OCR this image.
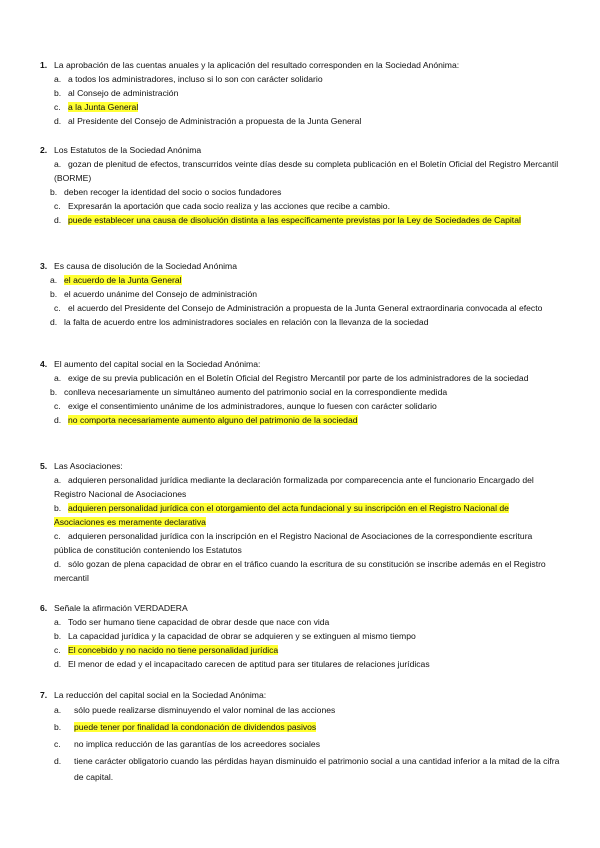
1. La aprobación de las cuentas anuales y la aplicación del resultado corresponden en la Sociedad Anónima:
a. a todos los administradores, incluso si lo son con carácter solidario
b. al Consejo de administración
c. a la Junta General
d. al Presidente del Consejo de Administración a propuesta de la Junta General
2. Los Estatutos de la Sociedad Anónima
a. gozan de plenitud de efectos, transcurridos veinte días desde su completa publicación en el Boletín Oficial del Registro Mercantil (BORME)
b. deben recoger la identidad del socio o socios fundadores
c. Expresarán la aportación que cada socio realiza y las acciones que recibe a cambio.
d. puede establecer una causa de disolución distinta a las específicamente previstas por la Ley de Sociedades de Capital
3. Es causa de disolución de la Sociedad Anónima
a. el acuerdo de la Junta General
b. el acuerdo unánime del Consejo de administración
c. el acuerdo del Presidente del Consejo de Administración a propuesta de la Junta General extraordinaria convocada al efecto
d. la falta de acuerdo entre los administradores sociales en relación con la llevanza de la sociedad
4. El aumento del capital social en la Sociedad Anónima:
a. exige de su previa publicación en el Boletín Oficial del Registro Mercantil por parte de los administradores de la sociedad
b. conlleva necesariamente un simultáneo aumento del patrimonio social en la correspondiente medida
c. exige el consentimiento unánime de los administradores, aunque lo fuesen con carácter solidario
d. no comporta necesariamente aumento alguno del patrimonio de la sociedad
5. Las Asociaciones:
a. adquieren personalidad jurídica mediante la declaración formalizada por comparecencia ante el funcionario Encargado del Registro Nacional de Asociaciones
b. adquieren personalidad jurídica con el otorgamiento del acta fundacional y su inscripción en el Registro Nacional de Asociaciones es meramente declarativa
c. adquieren personalidad jurídica con la inscripción en el Registro Nacional de Asociaciones de la correspondiente escritura pública de constitución conteniendo los Estatutos
d. sólo gozan de plena capacidad de obrar en el tráfico cuando la escritura de su constitución se inscribe además en el Registro mercantil
6. Señale la afirmación VERDADERA
a. Todo ser humano tiene capacidad de obrar desde que nace con vida
b. La capacidad jurídica y la capacidad de obrar se adquieren y se extinguen al mismo tiempo
c. El concebido y no nacido no tiene personalidad jurídica
d. El menor de edad y el incapacitado carecen de aptitud para ser titulares de relaciones jurídicas
7. La reducción del capital social en la Sociedad Anónima:
a. sólo puede realizarse disminuyendo el valor nominal de las acciones
b. puede tener por finalidad la condonación de dividendos pasivos
c. no implica reducción de las garantías de los acreedores sociales
d.	tiene carácter obligatorio cuando las pérdidas hayan disminuido el patrimonio social a una cantidad inferior a la mitad de la cifra de capital.
